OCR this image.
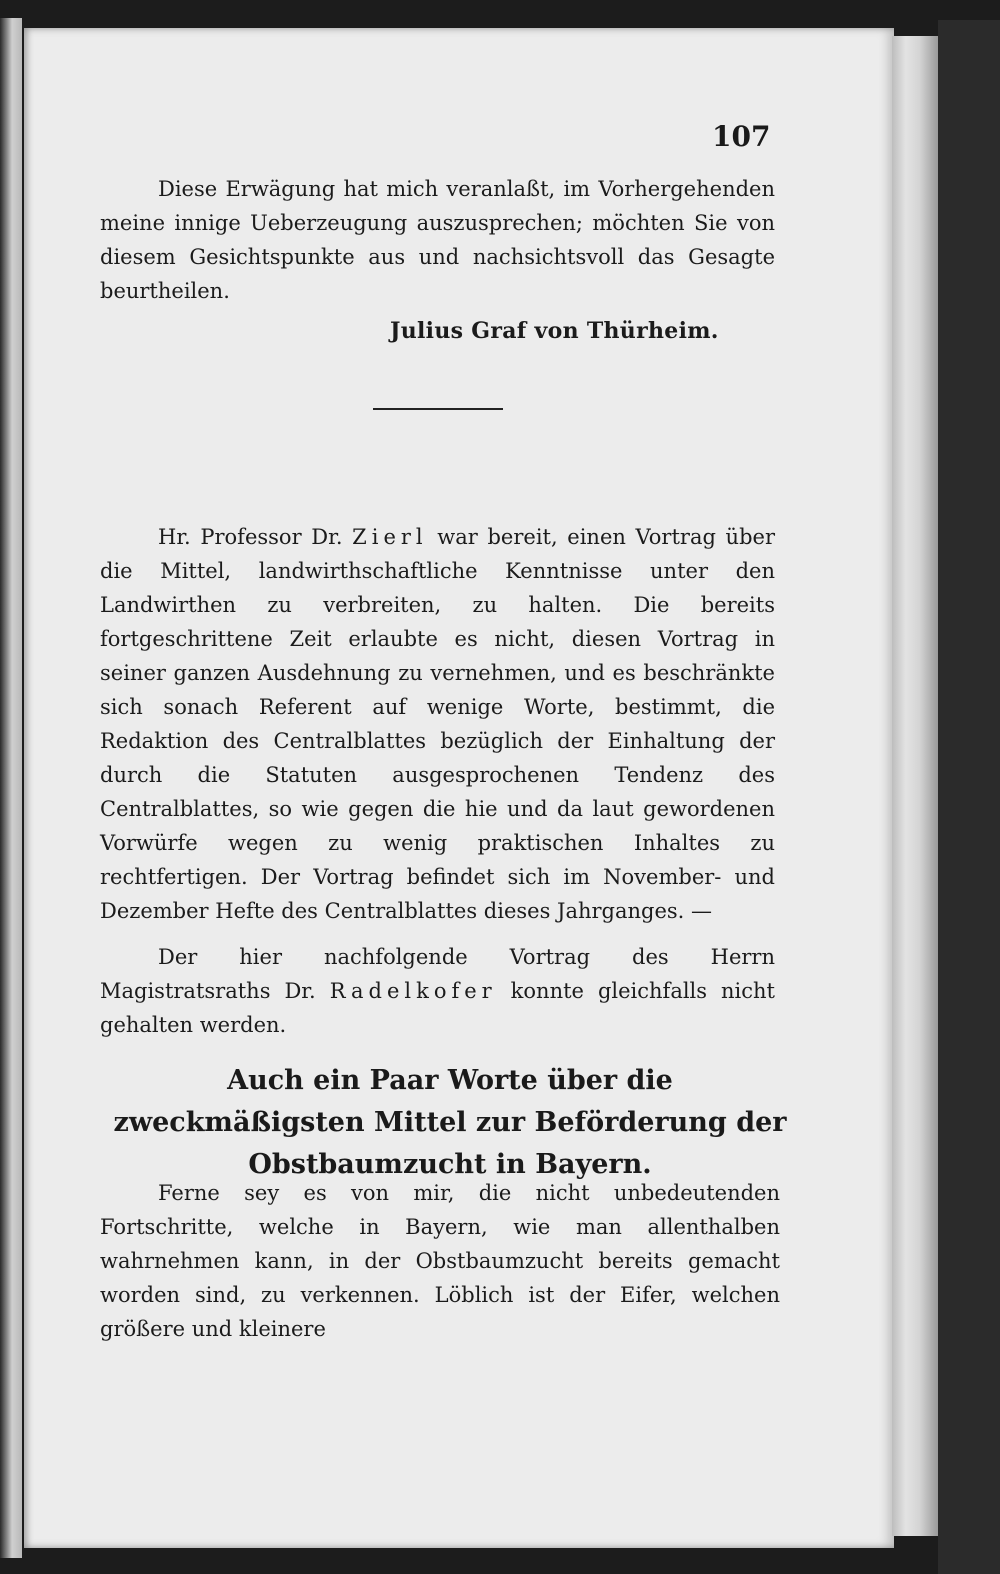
107

Diese Erwägung hat mich veranlaßt, im Vorhergehenden meine innige Ueberzeugung auszusprechen; möchten Sie von diesem Gesichtspunkte aus und nachsichtsvoll das Gesagte beurtheilen.

Julius Graf von Thürheim.

Hr. Professor Dr. Zierl war bereit, einen Vortrag über die Mittel, landwirthschaftliche Kenntnisse unter den Landwirthen zu verbreiten, zu halten. Die bereits fortgeschrittene Zeit erlaubte es nicht, diesen Vortrag in seiner ganzen Ausdehnung zu vernehmen, und es beschränkte sich sonach Referent auf wenige Worte, bestimmt, die Redaktion des Centralblattes bezüglich der Einhaltung der durch die Statuten ausgesprochenen Tendenz des Centralblattes, so wie gegen die hie und da laut gewordenen Vorwürfe wegen zu wenig praktischen Inhaltes zu rechtfertigen. Der Vortrag befindet sich im November- und Dezember Hefte des Centralblattes dieses Jahrganges. —

Der hier nachfolgende Vortrag des Herrn Magistratsraths Dr. Radelkofer konnte gleichfalls nicht gehalten werden.

Auch ein Paar Worte über die zweckmäßigsten Mittel zur Beförderung der Obstbaumzucht in Bayern.

Ferne sey es von mir, die nicht unbedeutenden Fortschritte, welche in Bayern, wie man allenthalben wahrnehmen kann, in der Obstbaumzucht bereits gemacht worden sind, zu verkennen. Löblich ist der Eifer, welchen größere und kleinere
